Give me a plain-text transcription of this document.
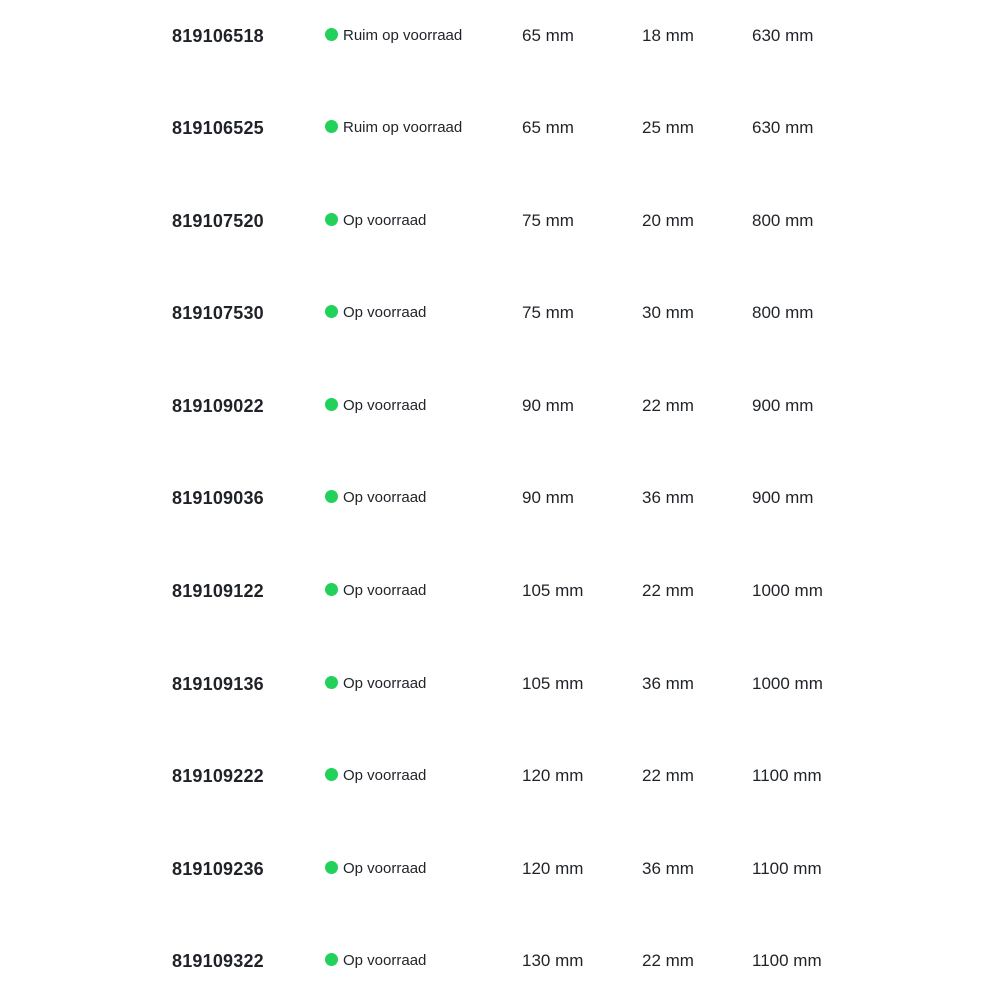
819106518	Ruim op voorraad	65 mm	18 mm	630 mm
819106525	Ruim op voorraad	65 mm	25 mm	630 mm
819107520	Op voorraad	75 mm	20 mm	800 mm
819107530	Op voorraad	75 mm	30 mm	800 mm
819109022	Op voorraad	90 mm	22 mm	900 mm
819109036	Op voorraad	90 mm	36 mm	900 mm
819109122	Op voorraad	105 mm	22 mm	1000 mm
819109136	Op voorraad	105 mm	36 mm	1000 mm
819109222	Op voorraad	120 mm	22 mm	1100 mm
819109236	Op voorraad	120 mm	36 mm	1100 mm
819109322	Op voorraad	130 mm	22 mm	1100 mm
